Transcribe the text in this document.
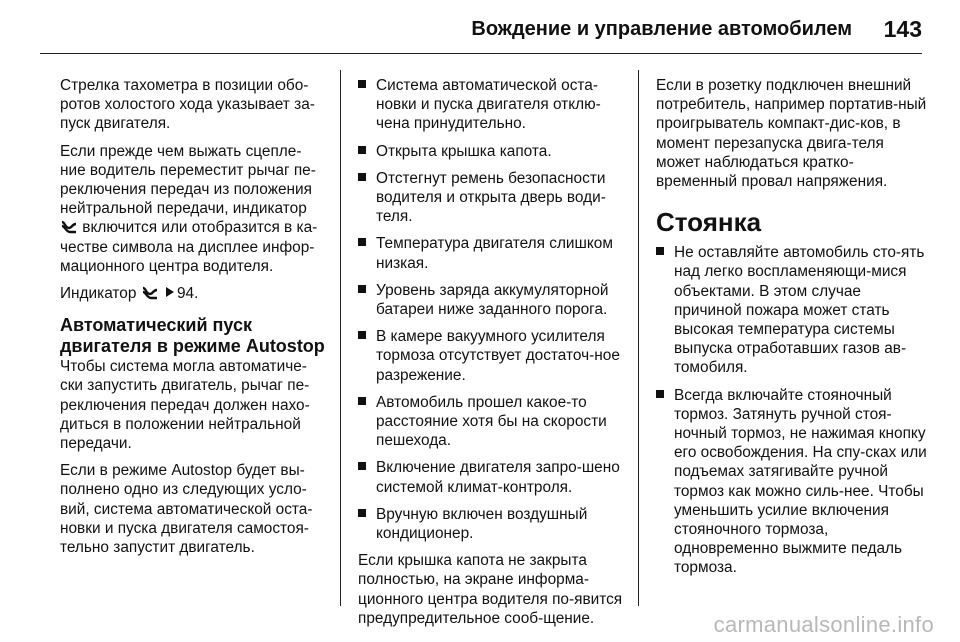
Вождение и управление автомобилем 143

Стрелка тахометра в позиции обо-ротов холостого хода указывает за-пуск двигателя.

Если прежде чем выжать сцепле-ние водитель переместит рычаг пе-реключения передач из положения нейтральной передачи, индикатор  включится или отобразится в ка-честве символа на дисплее инфор-мационного центра водителя.

Индикатор	94.

Автоматический пуск двигателя в режиме Autostop

Чтобы система могла автоматиче-ски запустить двигатель, рычаг пе-реключения передач должен нахо-диться в положении нейтральной передачи.

Если в режиме Autostop будет вы-полнено одно из следующих усло-вий, система автоматической оста-новки и пуска двигателя самостоя-тельно запустит двигатель.

Система автоматической оста-новки и пуска двигателя отклю-чена принудительно.
Открыта крышка капота.
Отстегнут ремень безопасности водителя и открыта дверь води-теля.
Температура двигателя слишком низкая.
Уровень заряда аккумуляторной батареи ниже заданного порога.
В камере вакуумного усилителя тормоза отсутствует достаточ-ное разрежение.
Автомобиль прошел какое-то расстояние хотя бы на скорости пешехода.
Включение двигателя запро-шено системой климат-контроля.
Вручную включен воздушный кондиционер.

Если крышка капота не закрыта полностью, на экране информа-ционного центра водителя по-явится предупредительное сооб-щение.

Если в розетку подключен внешний потребитель, например портатив-ный проигрыватель компакт-дис-ков, в момент перезапуска двига-теля может наблюдаться кратко-временный провал напряжения.

Стоянка
Не оставляйте автомобиль сто-ять над легко воспламеняющи-мися объектами. В этом случае причиной пожара может стать высокая температура системы выпуска отработавших газов ав-томобиля.
Всегда включайте стояночный тормоз. Затянуть ручной стоя-ночный тормоз, не нажимая кнопку его освобождения. На спу-сках или подъемах затягивайте ручной тормоз как можно силь-нее. Чтобы уменьшить усилие включения стояночного тормоза, одновременно выжмите педаль тормоза.
carmanualsonline.info
